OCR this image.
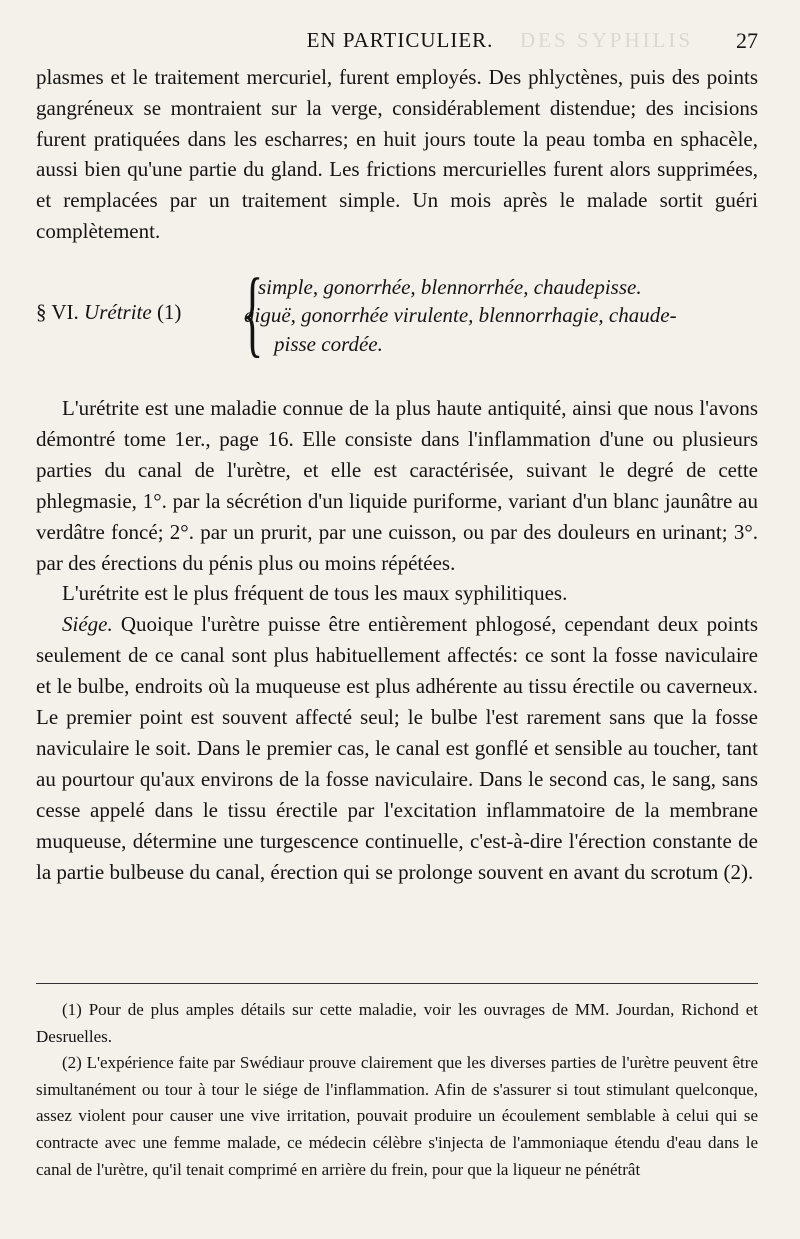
DES SYPHILIS
EN PARTICULIER.	27

plasmes et le traitement mercuriel, furent employés. Des phlyctènes, puis des points gangréneux se montraient sur la verge, considérablement distendue; des incisions furent pratiquées dans les escharres; en huit jours toute la peau tomba en sphacèle, aussi bien qu'une partie du gland. Les frictions mercurielles furent alors supprimées, et remplacées par un traitement simple. Un mois après le malade sortit guéri complètement.

§ VI. Urétrite (1) {
simple, gonorrhée, blennorrhée, chaudepisse.
aiguë, gonorrhée virulente, blennorrhagie, chaude-
pisse cordée.

L'urétrite est une maladie connue de la plus haute antiquité, ainsi que nous l'avons démontré tome 1er., page 16. Elle consiste dans l'inflammation d'une ou plusieurs parties du canal de l'urètre, et elle est caractérisée, suivant le degré de cette phlegmasie, 1°. par la sécrétion d'un liquide puriforme, variant d'un blanc jaunâtre au verdâtre foncé; 2°. par un prurit, par une cuisson, ou par des douleurs en urinant; 3°. par des érections du pénis plus ou moins répétées.

L'urétrite est le plus fréquent de tous les maux syphilitiques.

Siége. Quoique l'urètre puisse être entièrement phlogosé, cependant deux points seulement de ce canal sont plus habituellement affectés: ce sont la fosse naviculaire et le bulbe, endroits où la muqueuse est plus adhérente au tissu érectile ou caverneux. Le premier point est souvent affecté seul; le bulbe l'est rarement sans que la fosse naviculaire le soit. Dans le premier cas, le canal est gonflé et sensible au toucher, tant au pourtour qu'aux environs de la fosse naviculaire. Dans le second cas, le sang, sans cesse appelé dans le tissu érectile par l'excitation inflammatoire de la membrane muqueuse, détermine une turgescence continuelle, c'est-à-dire l'érection constante de la partie bulbeuse du canal, érection qui se prolonge souvent en avant du scrotum (2).

(1) Pour de plus amples détails sur cette maladie, voir les ouvrages de MM. Jourdan, Richond et Desruelles.

(2) L'expérience faite par Swédiaur prouve clairement que les diverses parties de l'urètre peuvent être simultanément ou tour à tour le siége de l'inflammation. Afin de s'assurer si tout stimulant quelconque, assez violent pour causer une vive irritation, pouvait produire un écoulement semblable à celui qui se contracte avec une femme malade, ce médecin célèbre s'injecta de l'ammoniaque étendu d'eau dans le canal de l'urètre, qu'il tenait comprimé en arrière du frein, pour que la liqueur ne pénétrât
